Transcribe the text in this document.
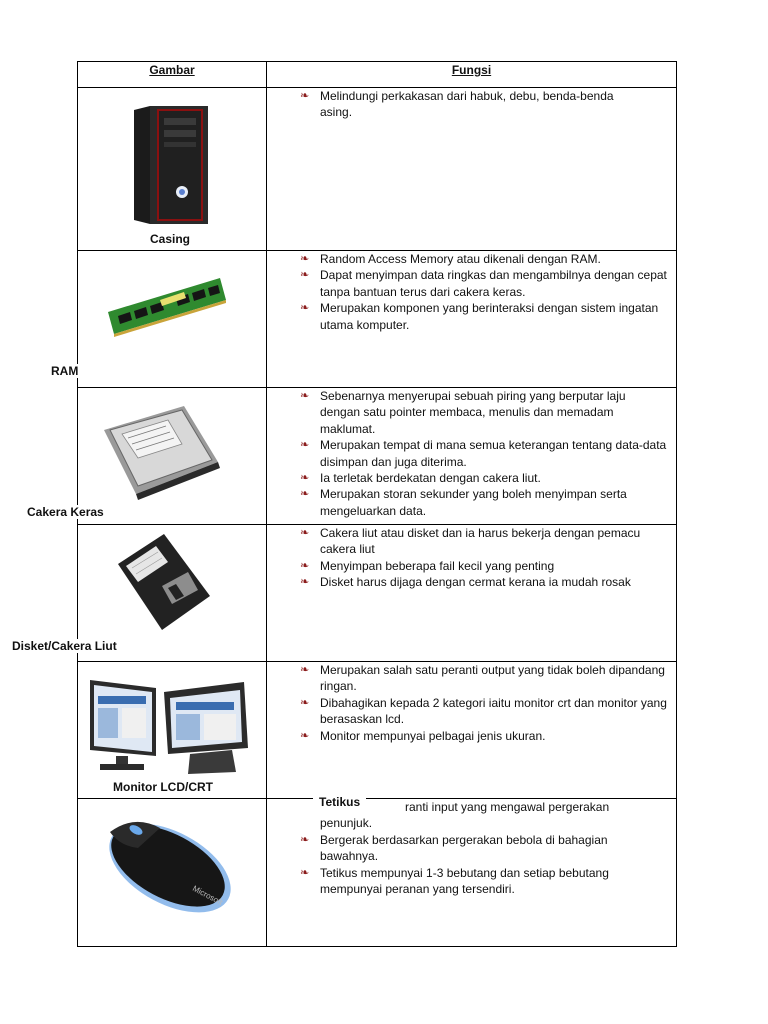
Gambar	Fungsi
Casing
❧ Melindungi perkakasan dari habuk, debu, benda-benda asing.
RAM
❧ Random Access Memory atau dikenali dengan RAM.
❧ Dapat menyimpan data ringkas dan mengambilnya dengan cepat tanpa bantuan terus dari cakera keras.
❧ Merupakan komponen yang berinteraksi dengan sistem ingatan utama komputer.
Cakera Keras
❧ Sebenarnya menyerupai sebuah piring yang berputar laju dengan satu pointer membaca, menulis dan memadam maklumat.
❧ Merupakan tempat di mana semua keterangan tentang data-data disimpan dan juga diterima.
❧ Ia terletak berdekatan dengan cakera liut.
❧ Merupakan storan sekunder yang boleh menyimpan serta mengeluarkan data.
Disket/Cakera Liut
❧ Cakera liut atau disket dan ia harus bekerja dengan pemacu cakera liut
❧ Menyimpan beberapa fail kecil yang penting
❧ Disket harus dijaga dengan cermat kerana ia mudah rosak
Monitor LCD/CRT
❧ Merupakan salah satu peranti output yang tidak boleh dipandang ringan.
❧ Dibahagikan kepada 2 kategori iaitu monitor crt dan monitor yang berasaskan lcd.
❧ Monitor mempunyai pelbagai jenis ukuran.
Microsoft
Tetikus	ranti input yang mengawal pergerakan
penunjuk.
❧ Bergerak berdasarkan pergerakan bebola di bahagian bawahnya.
❧ Tetikus mempunyai 1-3 bebutang dan setiap bebutang mempunyai peranan yang tersendiri.
